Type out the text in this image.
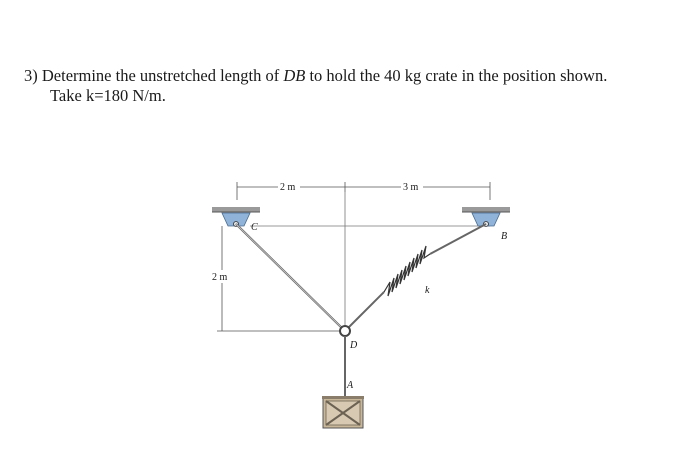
3) Determine the unstretched length of DB to hold the 40 kg crate in the position shown.
Take k=180 N/m.
2 m	3 m
2 m
C
B
k
D
A
